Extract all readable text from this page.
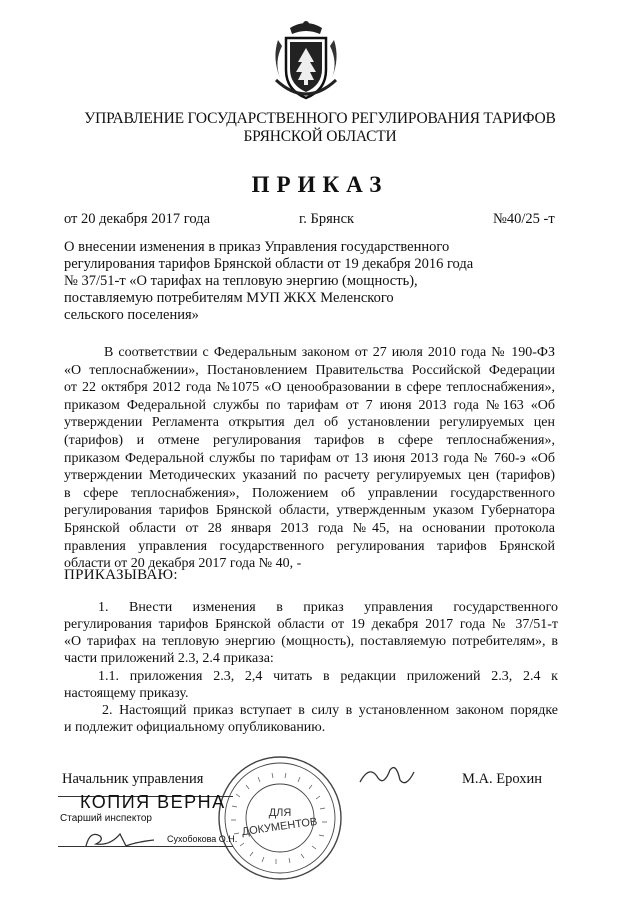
УПРАВЛЕНИЕ ГОСУДАРСТВЕННОГО РЕГУЛИРОВАНИЯ ТАРИФОВ
БРЯНСКОЙ ОБЛАСТИ
ПРИКАЗ
от 20 декабря 2017 года	г. Брянск	№40/25 -т
О внесении изменения в приказ Управления государственного
регулирования тарифов Брянской области от 19 декабря 2016 года
№ 37/51-т «О тарифах на тепловую энергию (мощность),
поставляемую потребителям МУП ЖКХ Меленского
сельского поселения»
В соответствии с Федеральным законом от 27 июля 2010 года № 190-ФЗ
«О теплоснабжении», Постановлением Правительства Российской Федерации
от 22 октября 2012 года №1075 «О ценообразовании в сфере теплоснабжения»,
приказом Федеральной службы по тарифам от 7 июня 2013 года №163 «Об
утверждении Регламента открытия дел об установлении регулируемых цен
(тарифов) и отмене регулирования тарифов в сфере теплоснабжения»,
приказом Федеральной службы по тарифам от 13 июня 2013 года № 760-э «Об
утверждении Методических указаний по расчету регулируемых цен (тарифов)
в сфере теплоснабжения», Положением об управлении государственного
регулирования тарифов Брянской области, утвержденным указом Губернатора
Брянской области от 28 января 2013 года №45, на основании протокола
правления управления государственного регулирования тарифов Брянской
области от 20 декабря 2017 года № 40, -
ПРИКАЗЫВАЮ:
1. Внести изменения в приказ управления государственного
регулирования тарифов Брянской области от 19 декабря 2017 года № 37/51-т
«О тарифах на тепловую энергию (мощность), поставляемую потребителям», в
части приложений 2.3, 2.4 приказа:
1.1. приложения 2.3, 2,4 читать в редакции приложений 2.3, 2.4 к
настоящему приказу.
2. Настоящий приказ вступает в силу в установленном законом порядке
и подлежит официальному опубликованию.
Начальник управления	М.А. Ерохин
ДЛЯ
ДОКУМЕНТОВ
КОПИЯ ВЕРНА
Старший инспектор
Сухобокова О.Н.
